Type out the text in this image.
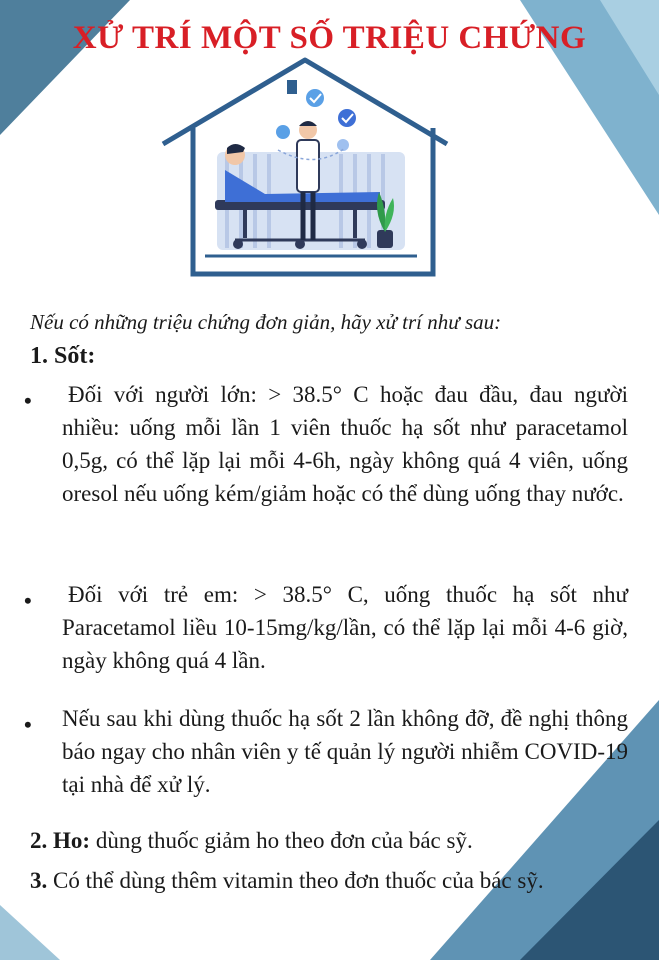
XỬ TRÍ MỘT SỐ TRIỆU CHỨNG
Nếu có những triệu chứng đơn giản, hãy xử trí như sau:
1. Sốt:
• Đối với người lớn: > 38.5° C hoặc đau đầu, đau người nhiều: uống mỗi lần 1 viên thuốc hạ sốt như paracetamol 0,5g, có thể lặp lại mỗi 4-6h, ngày không quá 4 viên, uống oresol nếu uống kém/giảm hoặc có thể dùng uống thay nước.
• Đối với trẻ em: > 38.5° C, uống thuốc hạ sốt như Paracetamol liều 10-15mg/kg/lần, có thể lặp lại mỗi 4-6 giờ, ngày không quá 4 lần.
• Nếu sau khi dùng thuốc hạ sốt 2 lần không đỡ, đề nghị thông báo ngay cho nhân viên y tế quản lý người nhiễm COVID-19 tại nhà để xử lý.
2. Ho: dùng thuốc giảm ho theo đơn của bác sỹ.
3. Có thể dùng thêm vitamin theo đơn thuốc của bác sỹ.
